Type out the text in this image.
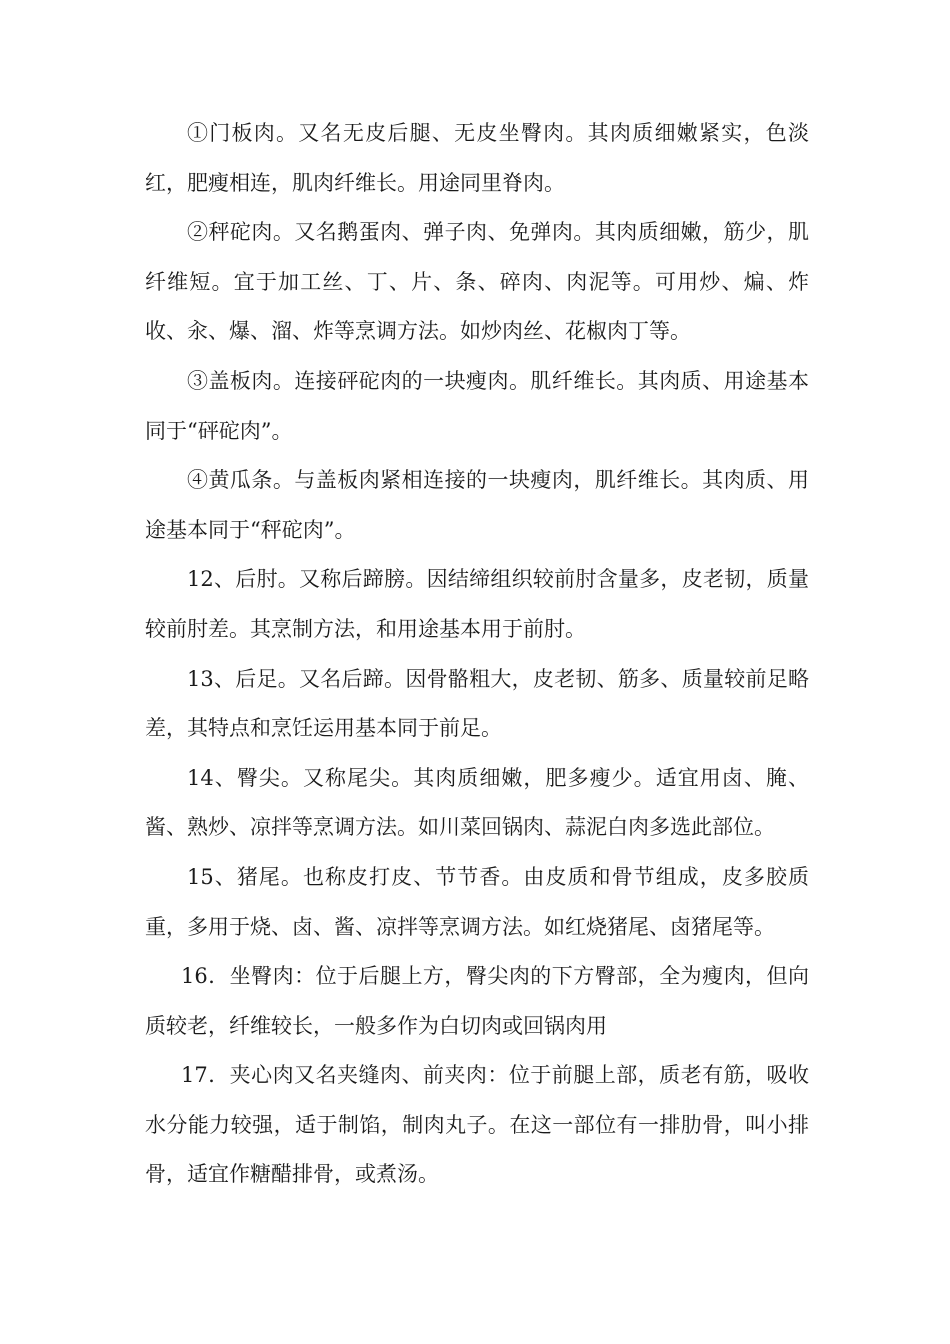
①门板肉。又名无皮后腿、无皮坐臀肉。其肉质细嫩紧实，色淡红，肥瘦相连，肌肉纤维长。用途同里脊肉。

②秤砣肉。又名鹅蛋肉、弹子肉、免弹肉。其肉质细嫩，筋少，肌纤维短。宜于加工丝、丁、片、条、碎肉、肉泥等。可用炒、煸、炸收、汆、爆、溜、炸等烹调方法。如炒肉丝、花椒肉丁等。

③盖板肉。连接砰砣肉的一块瘦肉。肌纤维长。其肉质、用途基本同于“砰砣肉”。

④黄瓜条。与盖板肉紧相连接的一块瘦肉，肌纤维长。其肉质、用途基本同于“秤砣肉”。

12、后肘。又称后蹄膀。因结缔组织较前肘含量多，皮老韧，质量较前肘差。其烹制方法，和用途基本用于前肘。

13、后足。又名后蹄。因骨骼粗大，皮老韧、筋多、质量较前足略差，其特点和烹饪运用基本同于前足。

14、臀尖。又称尾尖。其肉质细嫩，肥多瘦少。适宜用卤、腌、酱、熟炒、凉拌等烹调方法。如川菜回锅肉、蒜泥白肉多选此部位。

15、猪尾。也称皮打皮、节节香。由皮质和骨节组成，皮多胶质重，多用于烧、卤、酱、凉拌等烹调方法。如红烧猪尾、卤猪尾等。

16．坐臀肉：位于后腿上方，臀尖肉的下方臀部，全为瘦肉，但向质较老，纤维较长，一般多作为白切肉或回锅肉用

17．夹心肉又名夹缝肉、前夹肉：位于前腿上部，质老有筋，吸收水分能力较强，适于制馅，制肉丸子。在这一部位有一排肋骨，叫小排骨，适宜作糖醋排骨，或煮汤。
